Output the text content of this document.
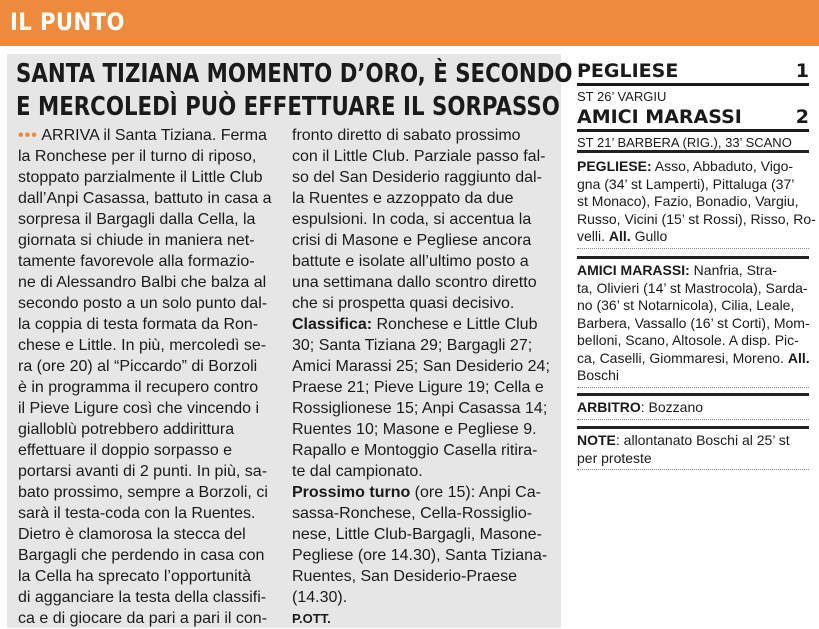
IL PUNTO
SANTA TIZIANA MOMENTO D’ORO, È SECONDO
E MERCOLEDÌ PUÒ EFFETTUARE IL SORPASSO
••• ARRIVA il Santa Tiziana. Ferma
la Ronchese per il turno di riposo,
stoppato parzialmente il Little Club
dall’Anpi Casassa, battuto in casa a
sorpresa il Bargagli dalla Cella, la
giornata si chiude in maniera net-
tamente favorevole alla formazio-
ne di Alessandro Balbi che balza al
secondo posto a un solo punto dal-
la coppia di testa formata da Ron-
chese e Little. In più, mercoledì se-
ra (ore 20) al “Piccardo” di Borzoli
è in programma il recupero contro
il Pieve Ligure così che vincendo i
gialloblù potrebbero addirittura
effettuare il doppio sorpasso e
portarsi avanti di 2 punti. In più, sa-
bato prossimo, sempre a Borzoli, ci
sarà il testa-coda con la Ruentes.
Dietro è clamorosa la stecca del
Bargagli che perdendo in casa con
la Cella ha sprecato l’opportunità
di agganciare la testa della classifi-
ca e di giocare da pari a pari il con-
fronto diretto di sabato prossimo
con il Little Club. Parziale passo fal-
so del San Desiderio raggiunto dal-
la Ruentes e azzoppato da due
espulsioni. In coda, si accentua la
crisi di Masone e Pegliese ancora
battute e isolate all’ultimo posto a
una settimana dallo scontro diretto
che si prospetta quasi decisivo.
Classifica: Ronchese e Little Club
30; Santa Tiziana 29; Bargagli 27;
Amici Marassi 25; San Desiderio 24;
Praese 21; Pieve Ligure 19; Cella e
Rossiglionese 15; Anpi Casassa 14;
Ruentes 10; Masone e Pegliese 9.
Rapallo e Montoggio Casella ritira-
te dal campionato.
Prossimo turno (ore 15): Anpi Ca-
sassa-Ronchese, Cella-Rossiglio-
nese, Little Club-Bargagli, Masone-
Pegliese (ore 14.30), Santa Tiziana-
Ruentes, San Desiderio-Praese
(14.30).
P.OTT.
PEGLIESE	1
ST 26’ VARGIU
AMICI MARASSI	2
ST 21’ BARBERA (RIG.), 33’ SCANO
PEGLIESE: Asso, Abbaduto, Vigo-
gna (34’ st Lamperti), Pittaluga (37’
st Monaco), Fazio, Bonadio, Vargiu,
Russo, Vicini (15’ st Rossi), Risso, Ro-
velli. All. Gullo
AMICI MARASSI: Nanfria, Stra-
ta, Olivieri (14’ st Mastrocola), Sarda-
no (36’ st Notarnicola), Cilia, Leale,
Barbera, Vassallo (16’ st Corti), Mom-
belloni, Scano, Altosole. A disp. Pic-
ca, Caselli, Giommaresi, Moreno. All.
Boschi
ARBITRO: Bozzano
NOTE: allontanato Boschi al 25’ st
per proteste
